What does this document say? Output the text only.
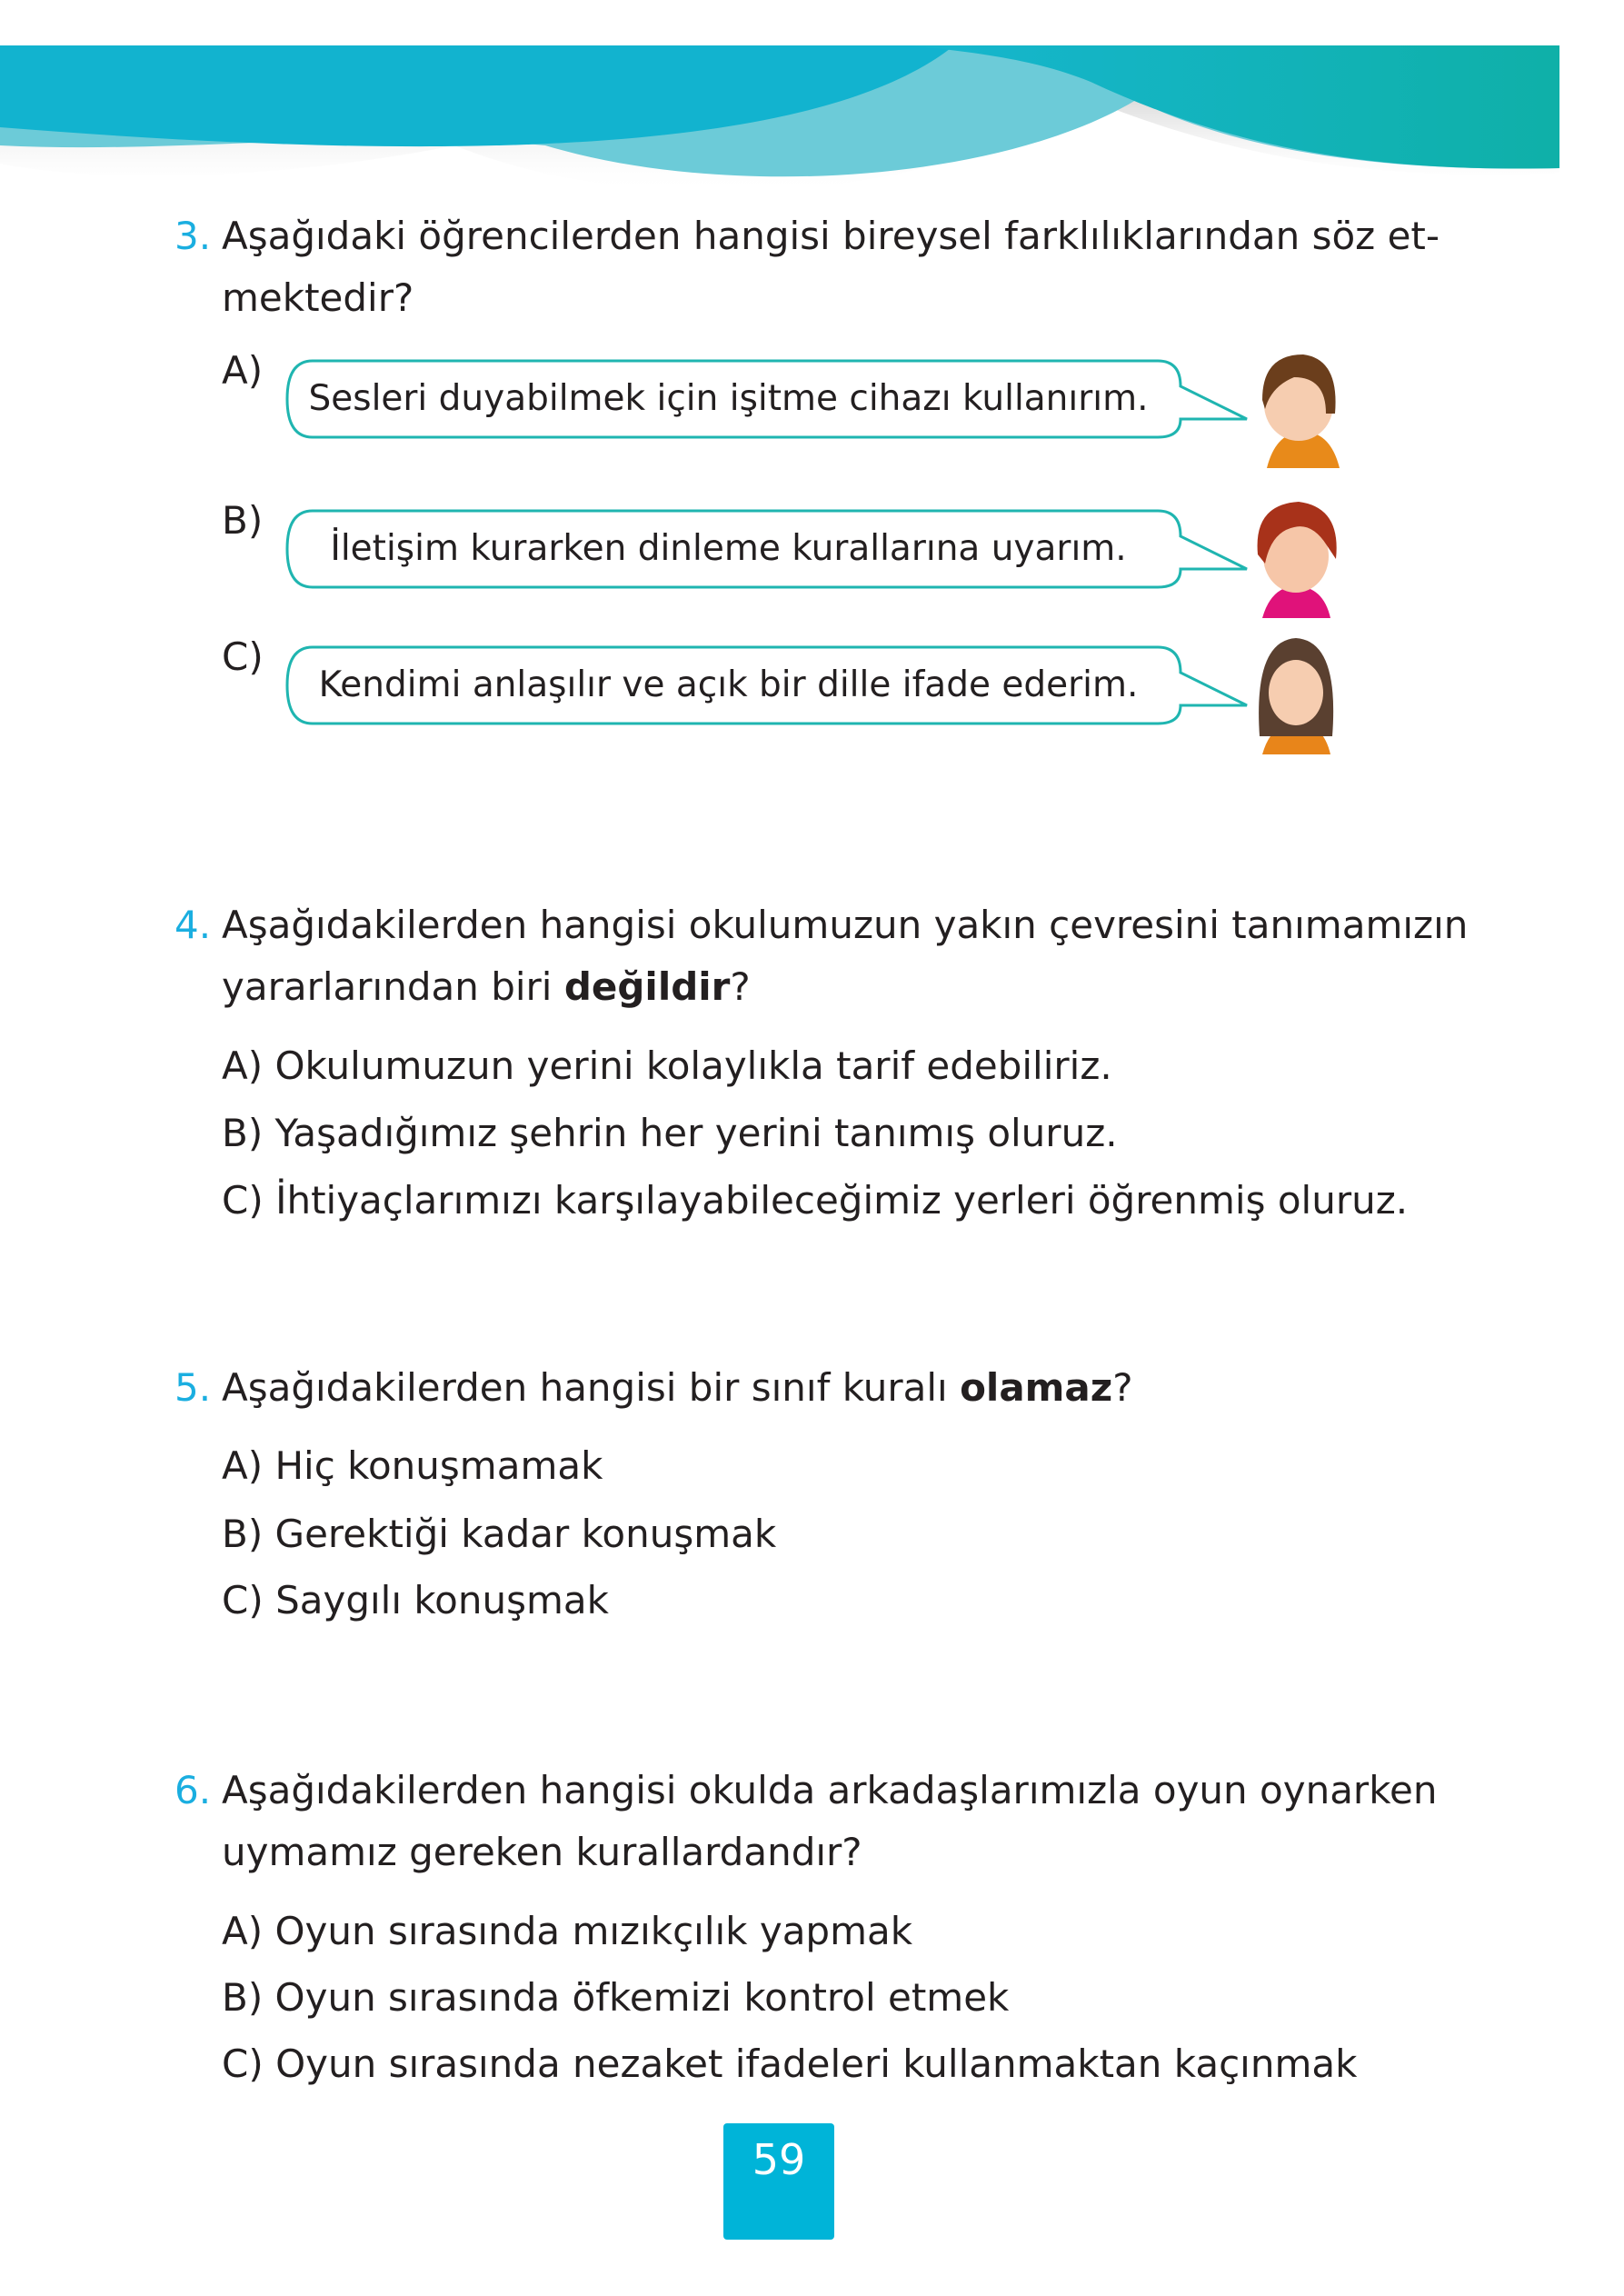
3. Aşağıdaki öğrencilerden hangisi bireysel farklılıklarından söz et-
mektedir?
A)
Sesleri duyabilmek için işitme cihazı kullanırım.
B)
İletişim kurarken dinleme kurallarına uyarım.
C)
Kendimi anlaşılır ve açık bir dille ifade ederim.
4. Aşağıdakilerden hangisi okulumuzun yakın çevresini tanımamızın
yararlarından biri değildir?
A) Okulumuzun yerini kolaylıkla tarif edebiliriz.
B) Yaşadığımız şehrin her yerini tanımış oluruz.
C) İhtiyaçlarımızı karşılayabileceğimiz yerleri öğrenmiş oluruz.
5. Aşağıdakilerden hangisi bir sınıf kuralı olamaz?
A) Hiç konuşmamak
B) Gerektiği kadar konuşmak
C) Saygılı konuşmak
6. Aşağıdakilerden hangisi okulda arkadaşlarımızla oyun oynarken
uymamız gereken kurallardandır?
A) Oyun sırasında mızıkçılık yapmak
B) Oyun sırasında öfkemizi kontrol etmek
C) Oyun sırasında nezaket ifadeleri kullanmaktan kaçınmak
59
